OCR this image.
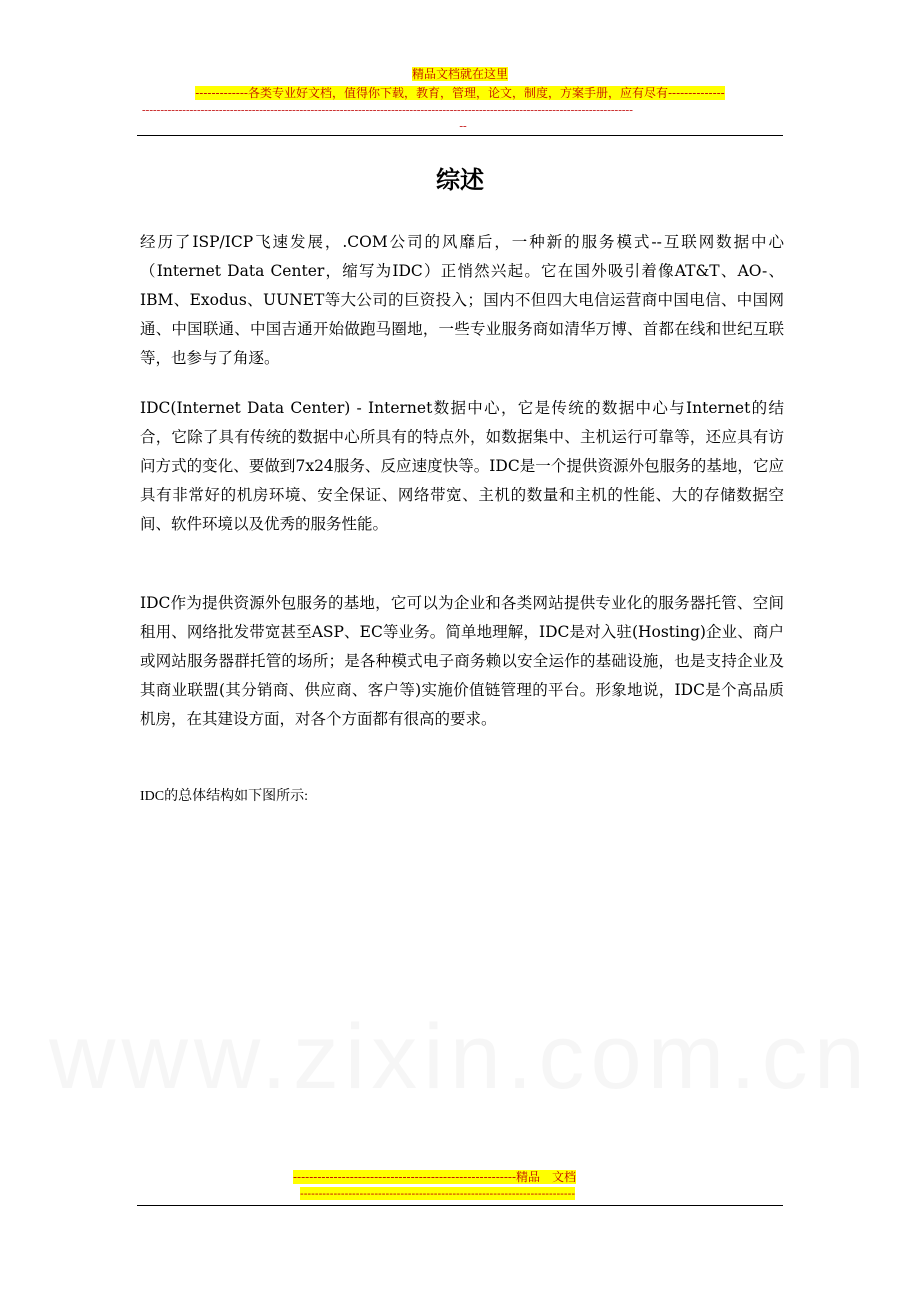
精品文档就在这里
-------------各类专业好文档，值得你下载，教育，管理，论文，制度，方案手册，应有尽有--------------
--------------------------------------------------------------------------------------------------------------------------------------
--
综述
经历了ISP/ICP飞速发展，.COM公司的风靡后，一种新的服务模式--互联网数据中心（Internet Data Center，缩写为IDC）正悄然兴起。它在国外吸引着像AT&T、AO-、IBM、Exodus、UUNET等大公司的巨资投入；国内不但四大电信运营商中国电信、中国网通、中国联通、中国吉通开始做跑马圈地，一些专业服务商如清华万博、首都在线和世纪互联等，也参与了角逐。
IDC(Internet Data Center) - Internet数据中心，它是传统的数据中心与Internet的结合，它除了具有传统的数据中心所具有的特点外，如数据集中、主机运行可靠等，还应具有访问方式的变化、要做到7x24服务、反应速度快等。IDC是一个提供资源外包服务的基地，它应具有非常好的机房环境、安全保证、网络带宽、主机的数量和主机的性能、大的存储数据空间、软件环境以及优秀的服务性能。
IDC作为提供资源外包服务的基地，它可以为企业和各类网站提供专业化的服务器托管、空间租用、网络批发带宽甚至ASP、EC等业务。简单地理解，IDC是对入驻(Hosting)企业、商户或网站服务器群托管的场所；是各种模式电子商务赖以安全运作的基础设施，也是支持企业及其商业联盟(其分销商、供应商、客户等)实施价值链管理的平台。形象地说，IDC是个高品质机房，在其建设方面，对各个方面都有很高的要求。
IDC的总体结构如下图所示:
-------------------------------------------------------精品　文档
--------------------------------------------------------------------------
